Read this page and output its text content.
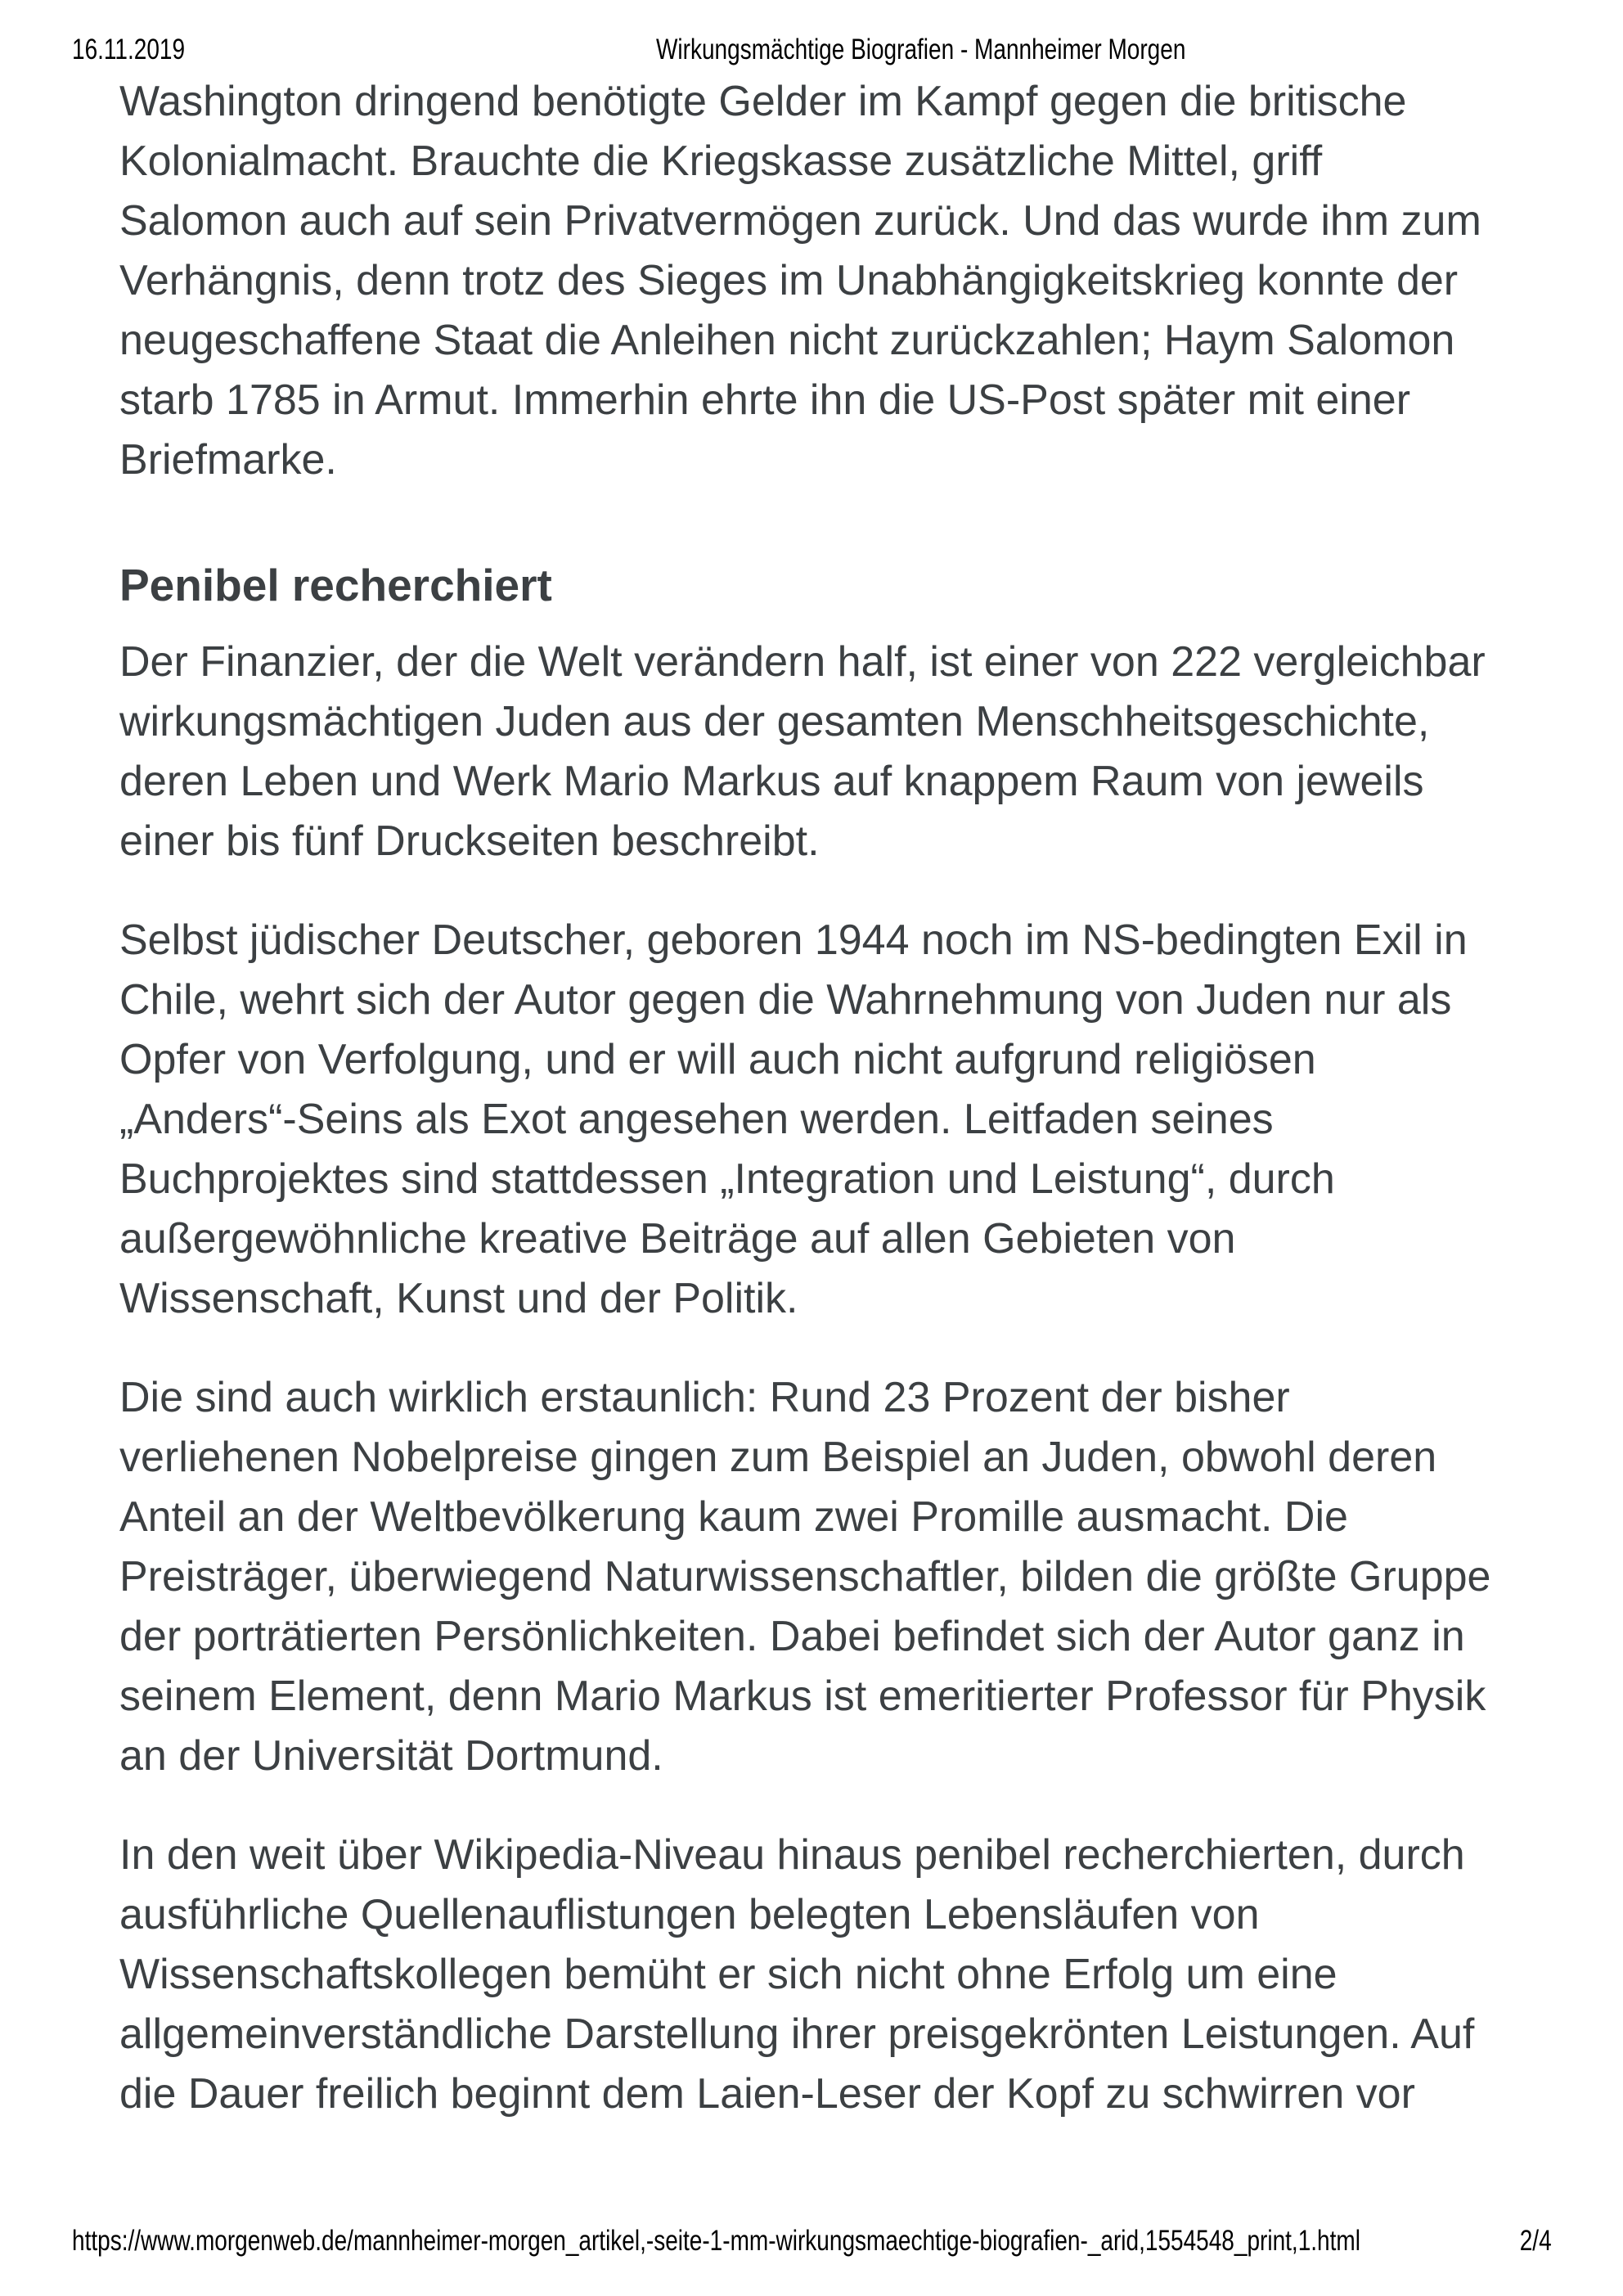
16.11.2019	Wirkungsmächtige Biografien - Mannheimer Morgen

Washington dringend benötigte Gelder im Kampf gegen die britische
Kolonialmacht. Brauchte die Kriegskasse zusätzliche Mittel, griff
Salomon auch auf sein Privatvermögen zurück. Und das wurde ihm zum
Verhängnis, denn trotz des Sieges im Unabhängigkeitskrieg konnte der
neugeschaffene Staat die Anleihen nicht zurückzahlen; Haym Salomon
starb 1785 in Armut. Immerhin ehrte ihn die US-Post später mit einer
Briefmarke.

Penibel recherchiert

Der Finanzier, der die Welt verändern half, ist einer von 222 vergleichbar
wirkungsmächtigen Juden aus der gesamten Menschheitsgeschichte,
deren Leben und Werk Mario Markus auf knappem Raum von jeweils
einer bis fünf Druckseiten beschreibt.

Selbst jüdischer Deutscher, geboren 1944 noch im NS-bedingten Exil in
Chile, wehrt sich der Autor gegen die Wahrnehmung von Juden nur als
Opfer von Verfolgung, und er will auch nicht aufgrund religiösen
„Anders“-Seins als Exot angesehen werden. Leitfaden seines
Buchprojektes sind stattdessen „Integration und Leistung“, durch
außergewöhnliche kreative Beiträge auf allen Gebieten von
Wissenschaft, Kunst und der Politik.

Die sind auch wirklich erstaunlich: Rund 23 Prozent der bisher
verliehenen Nobelpreise gingen zum Beispiel an Juden, obwohl deren
Anteil an der Weltbevölkerung kaum zwei Promille ausmacht. Die
Preisträger, überwiegend Naturwissenschaftler, bilden die größte Gruppe
der porträtierten Persönlichkeiten. Dabei befindet sich der Autor ganz in
seinem Element, denn Mario Markus ist emeritierter Professor für Physik
an der Universität Dortmund.

In den weit über Wikipedia-Niveau hinaus penibel recherchierten, durch
ausführliche Quellenauflistungen belegten Lebensläufen von
Wissenschaftskollegen bemüht er sich nicht ohne Erfolg um eine
allgemeinverständliche Darstellung ihrer preisgekrönten Leistungen. Auf
die Dauer freilich beginnt dem Laien-Leser der Kopf zu schwirren vor

https://www.morgenweb.de/mannheimer-morgen_artikel,-seite-1-mm-wirkungsmaechtige-biografien-_arid,1554548_print,1.html	2/4
